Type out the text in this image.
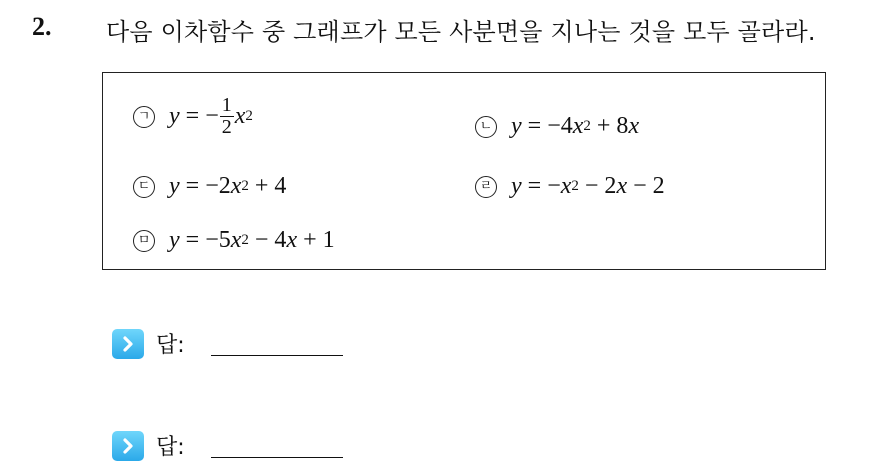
2. 다음 이차함수 중 그래프가 모든 사분면을 지나는 것을 모두 골라라.
ㄱ y = − $\frac{1}{2}$ x 2
ㄴ y = −4 x 2 + 8 x
ㄷ y = −2 x 2 + 4	ㄹ y = − x 2 − 2 x − 2
ㅁ y = −5 x 2 − 4 x + 1
답:
답:
